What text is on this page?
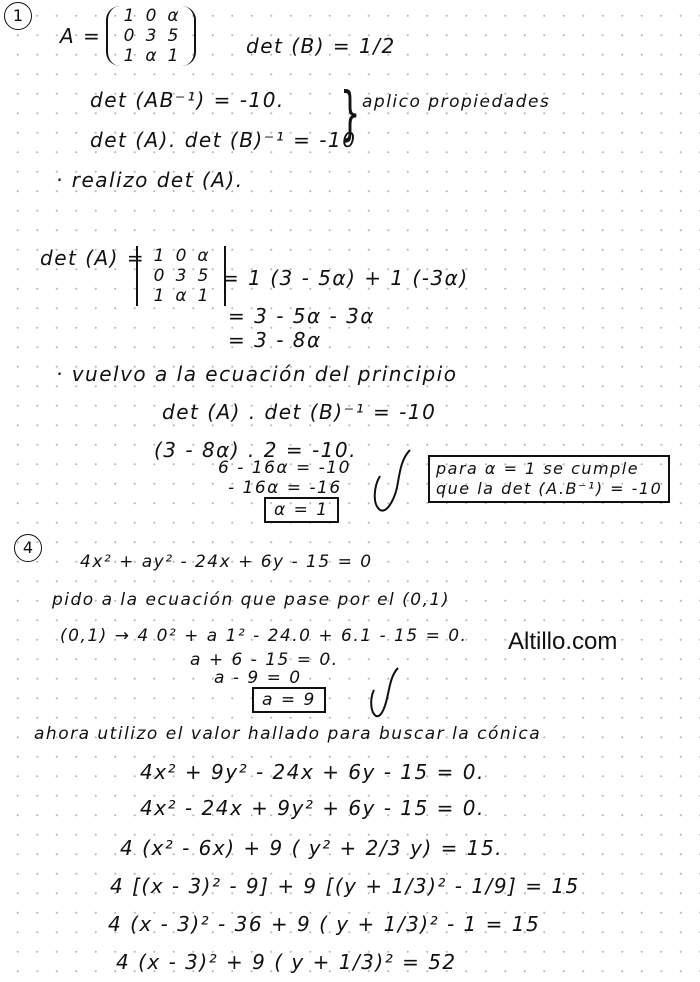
1
A =
1 0 α
0 3 5
1 α 1	det (B) = 1/2
det (AB⁻¹) = -10.
det (A). det (B)⁻¹ = -10
} aplico propiedades
· realizo det (A).
det (A) = 1 0 α
0 3 5
1 α 1
= 1 (3 - 5α) + 1 (-3α)
= 3 - 5α - 3α
= 3 - 8α
· vuelvo a la ecuación del principio
det (A) . det (B)⁻¹ = -10
(3 - 8α) . 2 = -10.
6 - 16α = -10
- 16α = -16
α = 1
para α = 1 se cumple
que la det (A.B⁻¹) = -10
4
4x² + ay² - 24x + 6y - 15 = 0
pido a la ecuación que pase por el (0,1)
(0,1) → 4 0² + a 1² - 24.0 + 6.1 - 15 = 0.
a + 6 - 15 = 0.
a - 9 = 0
a = 9
Altillo.com
ahora utilizo el valor hallado para buscar la cónica
4x² + 9y² - 24x + 6y - 15 = 0.
4x² - 24x + 9y² + 6y - 15 = 0.
4 (x² - 6x) + 9 ( y² + 2/3 y) = 15.
4 [(x - 3)² - 9] + 9 [(y + 1/3)² - 1/9] = 15
4 (x - 3)² - 36 + 9 ( y + 1/3)² - 1 = 15
4 (x - 3)² + 9 ( y + 1/3)² = 52
